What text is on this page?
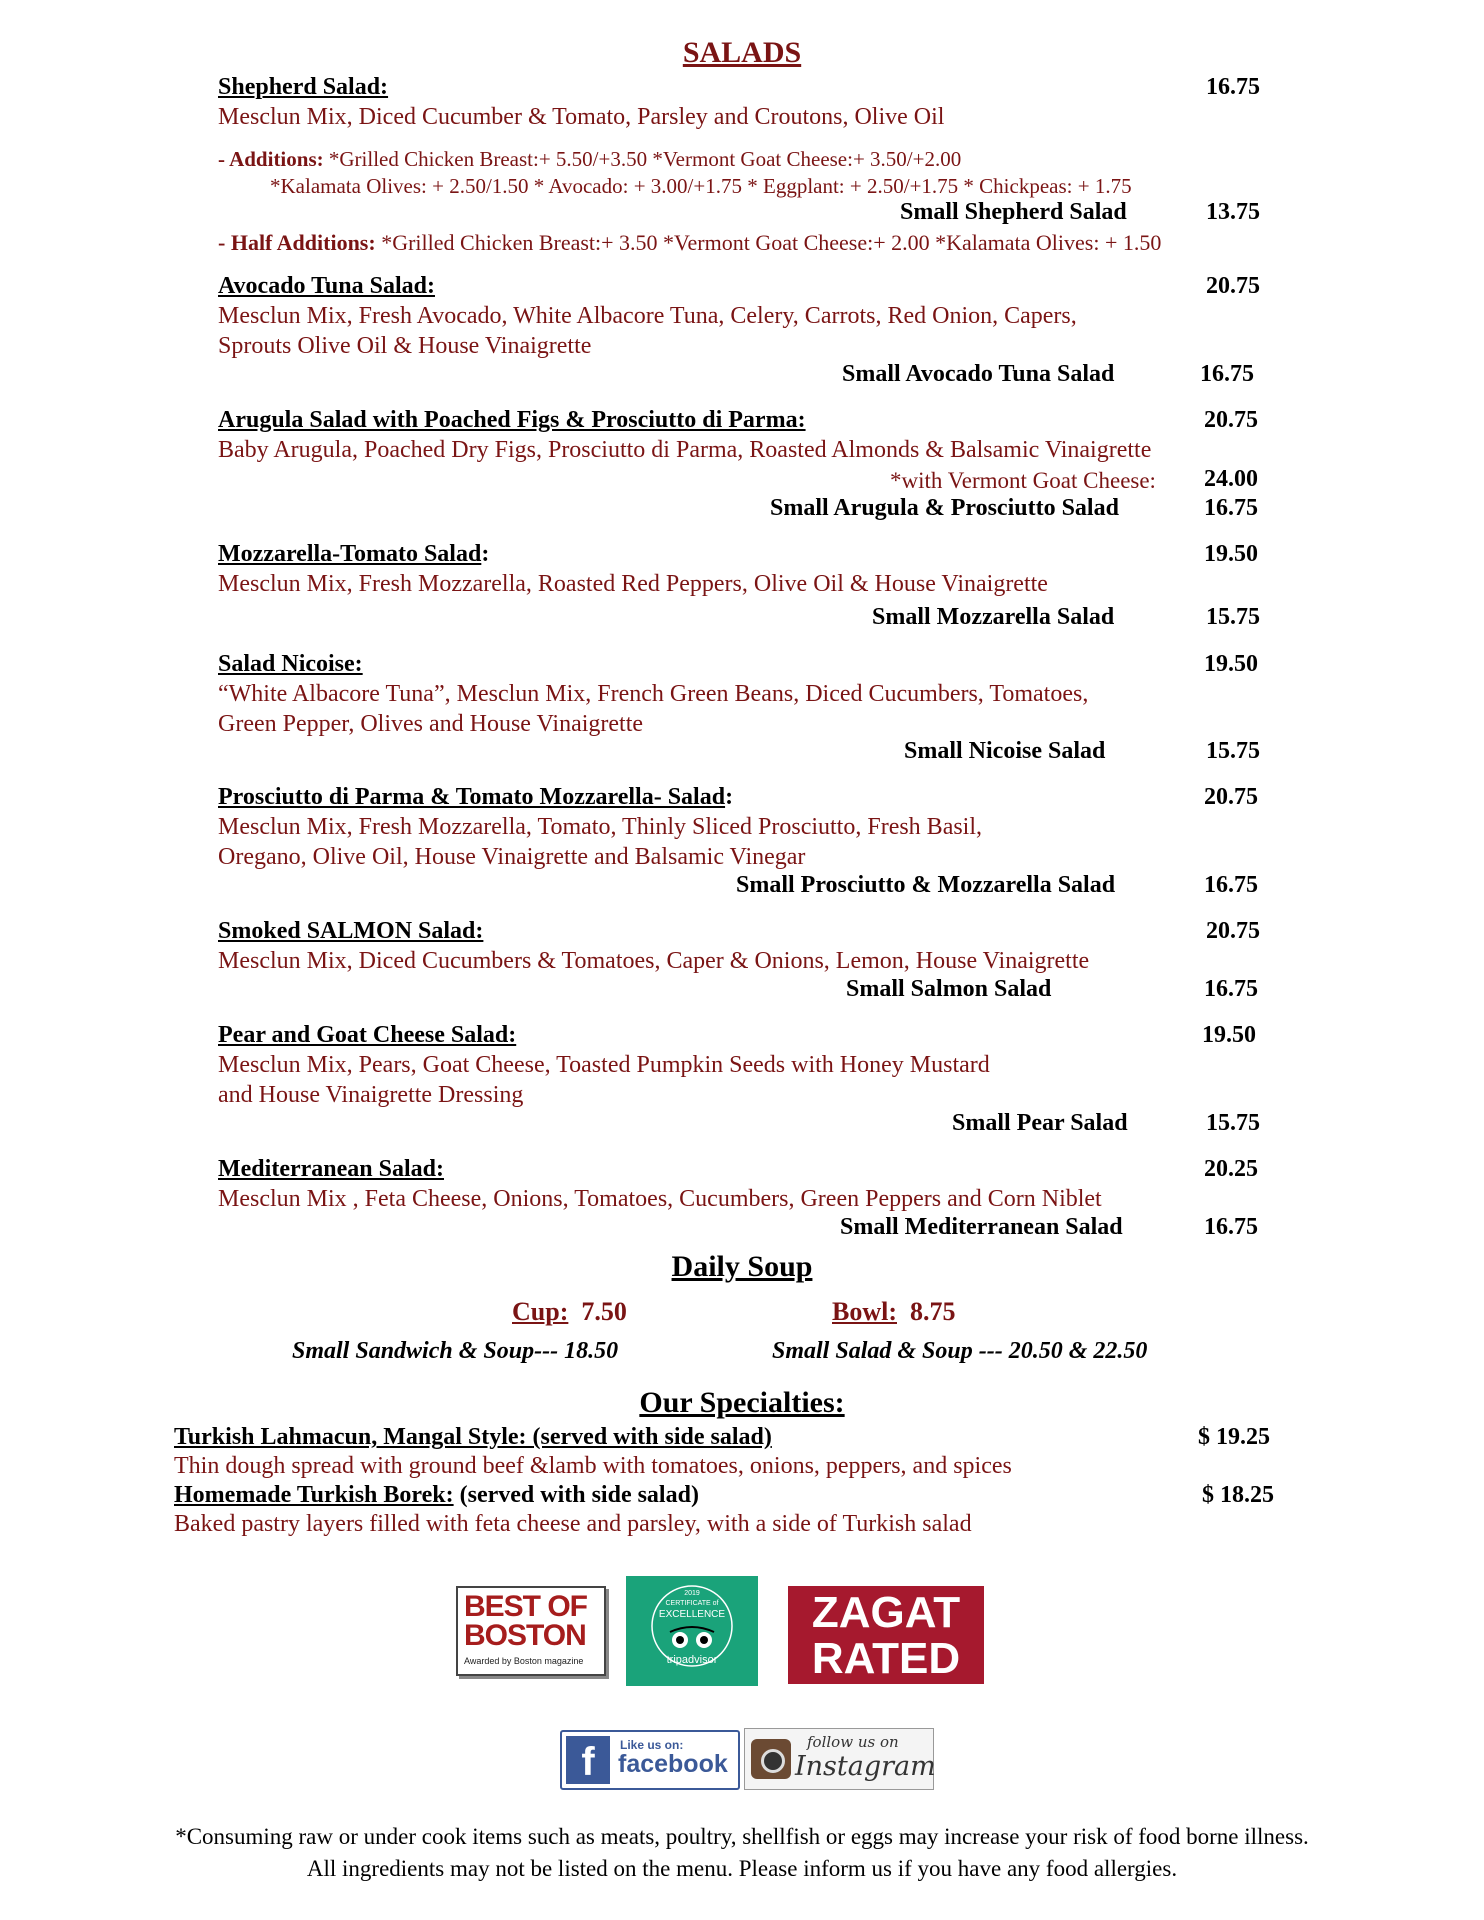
SALADS
Shepherd Salad:	16.75
Mesclun Mix, Diced Cucumber & Tomato, Parsley and Croutons, Olive Oil
- Additions: *Grilled Chicken Breast:+ 5.50/+3.50 *Vermont Goat Cheese:+ 3.50/+2.00
*Kalamata Olives: + 2.50/1.50 * Avocado: + 3.00/+1.75 * Eggplant: + 2.50/+1.75 * Chickpeas: + 1.75
Small Shepherd Salad	13.75
- Half Additions: *Grilled Chicken Breast:+ 3.50 *Vermont Goat Cheese:+ 2.00 *Kalamata Olives: + 1.50
Avocado Tuna Salad:	20.75
Mesclun Mix, Fresh Avocado, White Albacore Tuna, Celery, Carrots, Red Onion, Capers,
Sprouts Olive Oil & House Vinaigrette
Small Avocado Tuna Salad	16.75
Arugula Salad with Poached Figs & Prosciutto di Parma:	20.75
Baby Arugula, Poached Dry Figs, Prosciutto di Parma, Roasted Almonds & Balsamic Vinaigrette
*with Vermont Goat Cheese: 24.00
Small Arugula & Prosciutto Salad	16.75
Mozzarella-Tomato Salad:	19.50
Mesclun Mix, Fresh Mozzarella, Roasted Red Peppers, Olive Oil & House Vinaigrette
Small Mozzarella Salad	15.75
Salad Nicoise:	19.50
“White Albacore Tuna”, Mesclun Mix, French Green Beans, Diced Cucumbers, Tomatoes,
Green Pepper, Olives and House Vinaigrette
Small Nicoise Salad	15.75
Prosciutto di Parma & Tomato Mozzarella- Salad:	20.75
Mesclun Mix, Fresh Mozzarella, Tomato, Thinly Sliced Prosciutto, Fresh Basil,
Oregano, Olive Oil, House Vinaigrette and Balsamic Vinegar
Small Prosciutto & Mozzarella Salad	16.75
Smoked SALMON Salad:	20.75
Mesclun Mix, Diced Cucumbers & Tomatoes, Caper & Onions, Lemon, House Vinaigrette
Small Salmon Salad	16.75
Pear and Goat Cheese Salad:	19.50
Mesclun Mix, Pears, Goat Cheese, Toasted Pumpkin Seeds with Honey Mustard
and House Vinaigrette Dressing
Small Pear Salad	15.75
Mediterranean Salad:	20.25
Mesclun Mix , Feta Cheese, Onions, Tomatoes, Cucumbers, Green Peppers and Corn Niblet
Small Mediterranean Salad	16.75
Daily Soup
Cup: 7.50	Bowl: 8.75
Small Sandwich & Soup--- 18.50	Small Salad & Soup --- 20.50 & 22.50
Our Specialties:
Turkish Lahmacun, Mangal Style: (served with side salad)	$ 19.25
Thin dough spread with ground beef &lamb with tomatoes, onions, peppers, and spices
Homemade Turkish Borek: (served with side salad)	$ 18.25
Baked pastry layers filled with feta cheese and parsley, with a side of Turkish salad
BEST OF
BOSTON
Awarded by Boston magazine
2019
CERTIFICATE of
EXCELLENCE
tripadvisor
ZAGAT
RATED
f	Like us on:
facebook
follow us on
Instagram
*Consuming raw or under cook items such as meats, poultry, shellfish or eggs may increase your risk of food borne illness.
All ingredients may not be listed on the menu. Please inform us if you have any food allergies.
